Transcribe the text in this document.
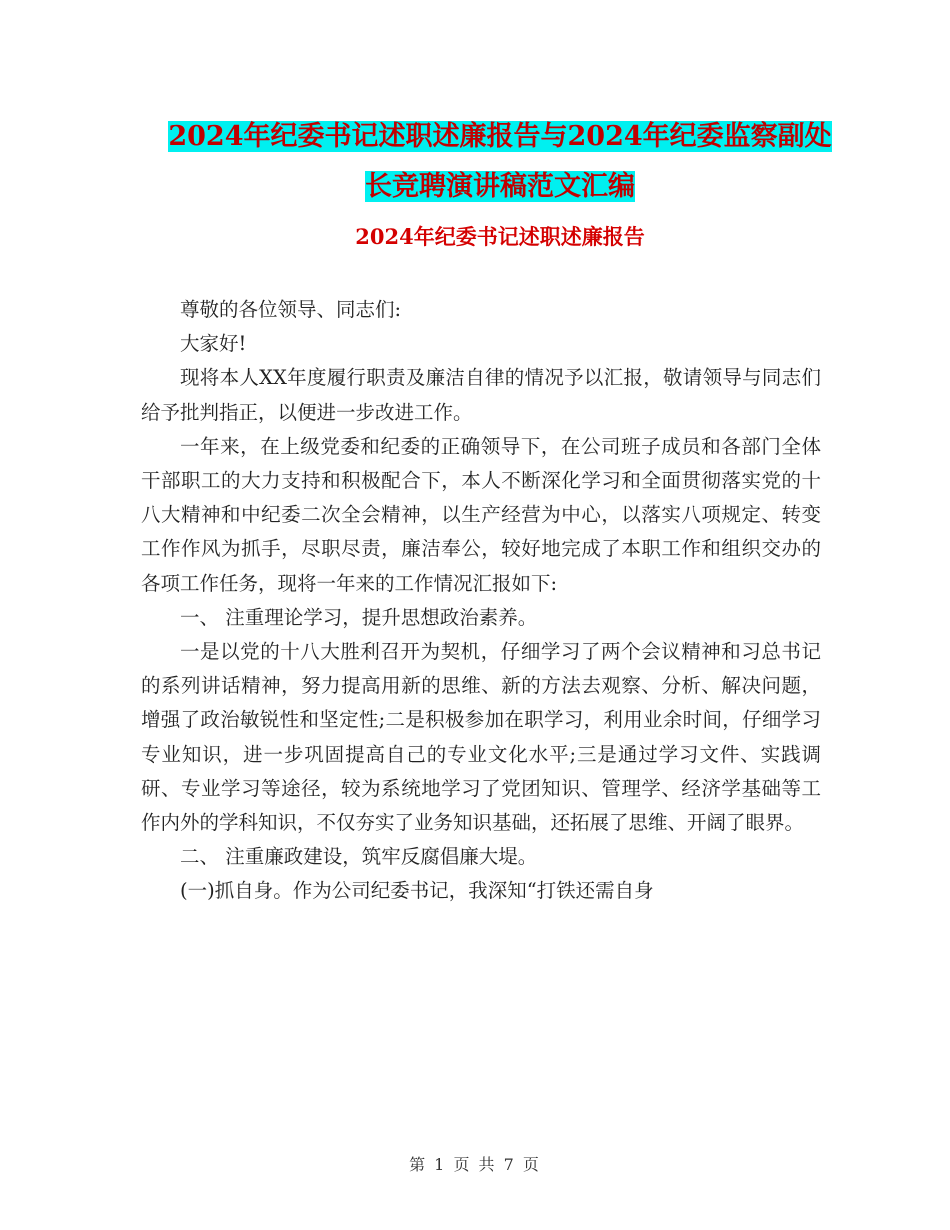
2024年纪委书记述职述廉报告与2024年纪委监察副处
长竞聘演讲稿范文汇编
2024年纪委书记述职述廉报告

尊敬的各位领导、同志们:

大家好!

现将本人XX年度履行职责及廉洁自律的情况予以汇报，敬请领导与同志们给予批判指正，以便进一步改进工作。

一年来，在上级党委和纪委的正确领导下，在公司班子成员和各部门全体干部职工的大力支持和积极配合下，本人不断深化学习和全面贯彻落实党的十八大精神和中纪委二次全会精神，以生产经营为中心，以落实八项规定、转变工作作风为抓手，尽职尽责，廉洁奉公，较好地完成了本职工作和组织交办的各项工作任务，现将一年来的工作情况汇报如下:

一、 注重理论学习，提升思想政治素养。

一是以党的十八大胜利召开为契机，仔细学习了两个会议精神和习总书记的系列讲话精神，努力提高用新的思维、新的方法去观察、分析、解决问题，增强了政治敏锐性和坚定性;二是积极参加在职学习，利用业余时间，仔细学习专业知识，进一步巩固提高自己的专业文化水平;三是通过学习文件、实践调研、专业学习等途径，较为系统地学习了党团知识、管理学、经济学基础等工作内外的学科知识，不仅夯实了业务知识基础，还拓展了思维、开阔了眼界。

二、 注重廉政建设，筑牢反腐倡廉大堤。

(一)抓自身。作为公司纪委书记，我深知“打铁还需自身

第 1 页 共 7 页
